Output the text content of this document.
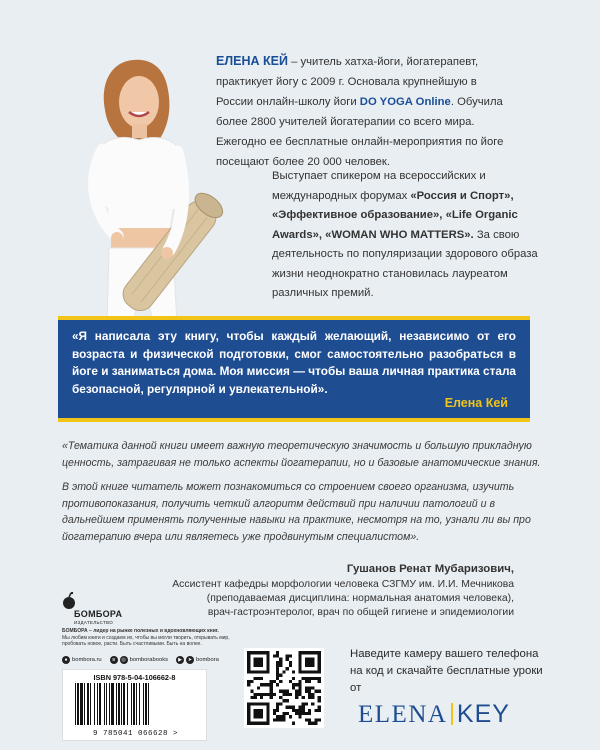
ЕЛЕНА КЕЙ – учитель хатха-йоги, йогатерапевт, практикует йогу с 2009 г. Основала крупнейшую в России онлайн-школу йоги DO YOGA Online. Обучила более 2800 учителей йогатерапии со всего мира. Ежегодно ее бесплатные онлайн-мероприятия по йоге посещают более 20 000 человек.
Выступает спикером на всероссийских и международных форумах «Россия и Спорт», «Эффективное образование», «Life Organic Awards», «WOMAN WHO MATTERS». За свою деятельность по популяризации здорового образа жизни неоднократно становилась лауреатом различных премий.
«Я написала эту книгу, чтобы каждый желающий, независимо от его возраста и физической подготовки, смог самостоятельно разобраться в йоге и заниматься дома. Моя миссия — чтобы ваша личная практика стала безопасной, регулярной и увлекательной».
Елена Кей

«Тематика данной книги имеет важную теоретическую значимость и большую прикладную ценность, затрагивая не только аспекты йогатерапии, но и базовые анатомические знания.

В этой книге читатель может познакомиться со строением своего организма, изучить противопоказания, получить четкий алгоритм действий при наличии патологий и в дальнейшем применять полученные навыки на практике, несмотря на то, узнали ли вы про йогатерапию вчера или являетесь уже продвинутым специалистом».

Гушанов Ренат Мубаризович,
Ассистент кафедры морфологии человека СЗГМУ им. И.И. Мечникова
(преподаваемая дисциплина: нормальная анатомия человека),
врач-гастроэнтеролог, врач по общей гигиене и эпидемиологии
БОМБОРА
ИЗДАТЕЛЬСТВО
БОМБОРА – лидер на рынке полезных и вдохновляющих книг.
Мы любим книги и создаем их, чтобы вы могли творить, открывать мир, пробовать новое, расти. Быть счастливыми. Быть на волне.
● bombora.ru	в	◎ bomborabooks	▶	➤ bombora
ISBN 978-5-04-106662-8
9 785041 066628 >
Наведите камеру вашего телефона на код и скачайте бесплатные уроки от
ELENA KEY
